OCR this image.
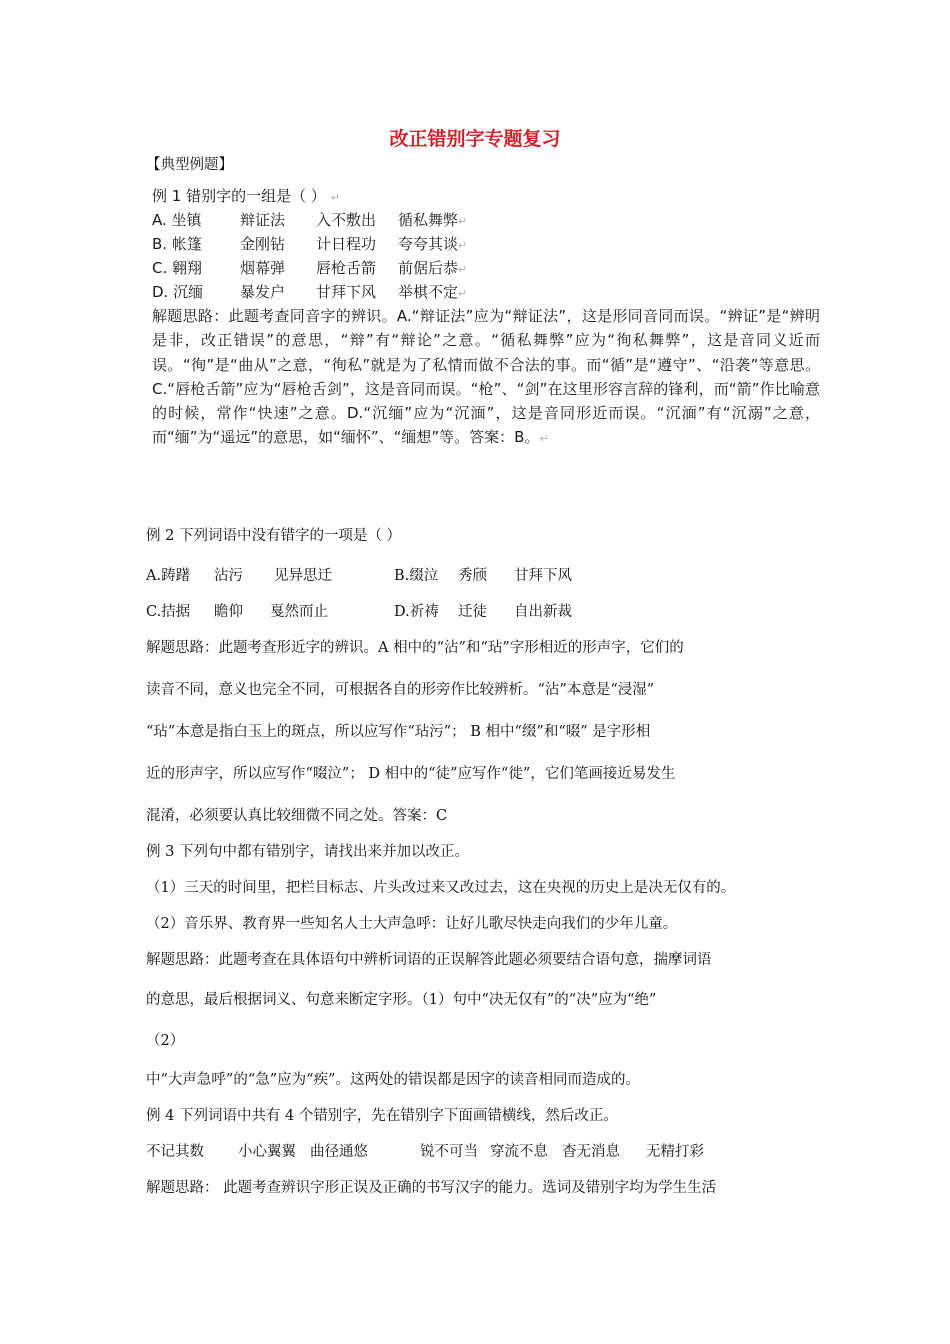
改正错别字专题复习
【典型例题】
例 1 错别字的一组是（ ） ↵
A. 坐镇	辩证法 入不敷出 循私舞弊↵
B. 帐篷	金刚钻 计日程功 夸夸其谈↵
C. 翱翔	烟幕弹 唇枪舌箭 前倨后恭↵
D. 沉缅 暴发户 甘拜下风 举棋不定↵
解题思路：此题考查同音字的辨识。A.“辩证法”应为“辩证法”，这是形同音同而误。“辨证”是“辨明是非，改正错误”的意思，“辩”有“辩论”之意。“循私舞弊”应为“徇私舞弊”，这是音同义近而误。“徇”是“曲从”之意，“徇私”就是为了私情而做不合法的事。而“循”是“遵守”、“沿袭”等意思。C.“唇枪舌箭”应为“唇枪舌剑”，这是音同而误。“枪”、“剑”在这里形容言辞的锋利，而“箭”作比喻意的时候，常作“快速”之意。D.“沉缅”应为“沉湎”，这是音同形近而误。“沉湎”有“沉溺”之意，而“缅”为“遥远”的意思，如“缅怀”、“缅想”等。答案：B。↵
例 2 下列词语中没有错字的一项是（ ）
A.踌躇 沾污 见异思迁	B.缀泣 秀颀 甘拜下风
C.拮据 瞻仰 戛然而止	D.祈祷 迁徒 自出新裁
解题思路：此题考查形近字的辨识。A 相中的“沾”和“玷”字形相近的形声字，它们的
读音不同，意义也完全不同，可根据各自的形旁作比较辨析。“沾”本意是“浸湿”
“玷”本意是指白玉上的斑点，所以应写作“玷污”； B 相中“缀”和“啜” 是字形相
近的形声字，所以应写作“啜泣”； D 相中的“徒”应写作“徙”，它们笔画接近易发生
混淆，必须要认真比较细微不同之处。答案：C
例 3 下列句中都有错别字，请找出来并加以改正。
（1）三天的时间里，把栏目标志、片头改过来又改过去，这在央视的历史上是决无仅有的。
（2）音乐界、教育界一些知名人士大声急呼：让好儿歌尽快走向我们的少年儿童。
解题思路：此题考查在具体语句中辨析词语的正误解答此题必须要结合语句意，揣摩词语
的意思，最后根据词义、句意来断定字形。（1）句中“决无仅有”的“决”应为“绝”
（2）
中“大声急呼”的“急”应为“疾”。这两处的错误都是因字的读音相同而造成的。
例 4 下列词语中共有 4 个错别字，先在错别字下面画错横线，然后改正。
不记其数 小心翼翼 曲径通悠	锐不可当 穿流不息 杳无消息 无精打彩
解题思路： 此题考查辨识字形正误及正确的书写汉字的能力。选词及错别字均为学生生活
